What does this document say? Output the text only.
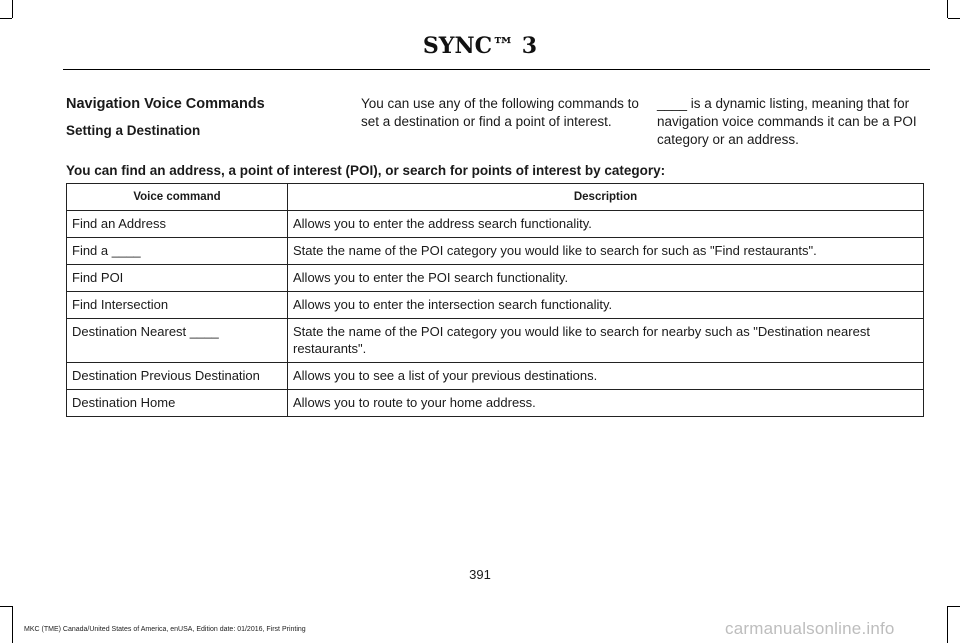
SYNC™ 3
Navigation Voice Commands
Setting a Destination
You can use any of the following commands to set a destination or find a point of interest.
____ is a dynamic listing, meaning that for navigation voice commands it can be a POI category or an address.
You can find an address, a point of interest (POI), or search for points of interest by category:
Voice command	Description
Find an Address	Allows you to enter the address search functionality.
Find a ____	State the name of the POI category you would like to search for such as "Find restaurants".
Find POI	Allows you to enter the POI search functionality.
Find Intersection	Allows you to enter the intersection search functionality.
Destination Nearest ____	State the name of the POI category you would like to search for nearby such as "Destination nearest restaurants".
Destination Previous Destination	Allows you to see a list of your previous destinations.
Destination Home	Allows you to route to your home address.
391
MKC (TME) Canada/United States of America, enUSA, Edition date: 01/2016, First Printing	carmanualsonline.info
